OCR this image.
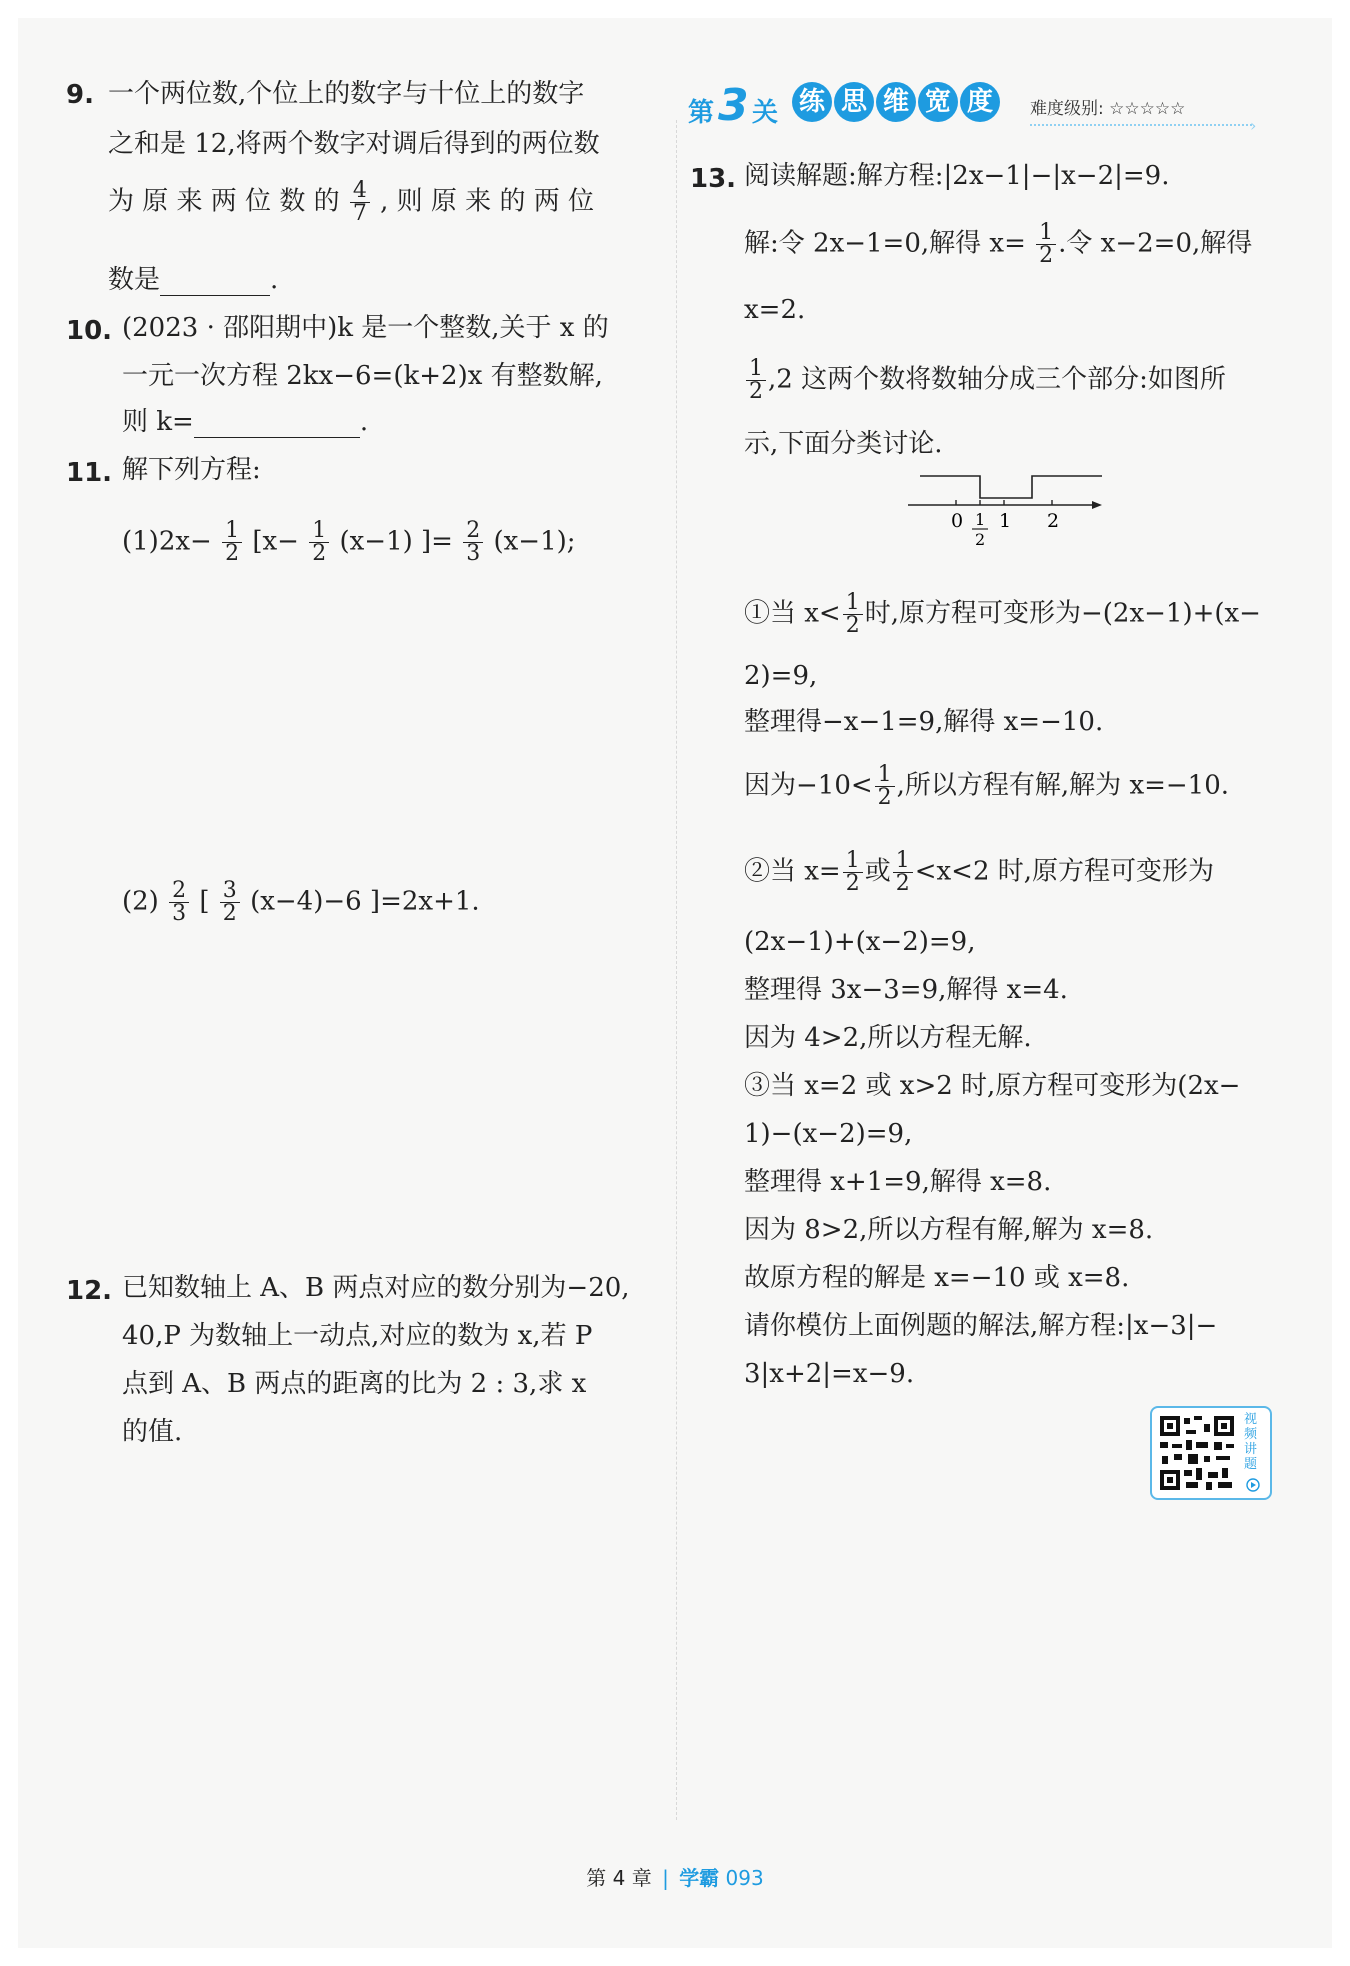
9. 一个两位数,个位上的数字与十位上的数字
之和是 12,将两个数字对调后得到的两位数
为 原 来 两 位 数 的 $\frac{4}{7}$ , 则 原 来 的 两 位
数是	.
10. (2023 · 邵阳期中)k 是一个整数,关于 x 的
一元一次方程 2kx−6=(k+2)x 有整数解,
则 k=	.
11. 解下列方程:
$(1)2x- \frac{1}{2} [x- \frac{1}{2} (x-1)$ ]= $\frac{2}{3} (x-1)$;
$(2) \frac{2}{3}$ [ $\frac{3}{2} (x-4)-6$ ]=2x+1.
12. 已知数轴上 A、B 两点对应的数分别为−20,
40,P 为数轴上一动点,对应的数为 x,若 P
点到 A、B 两点的距离的比为 2 : 3,求 x
的值.
第 3 关 练 思 维 宽 度	难度级别: ☆☆☆☆☆
›
13. 阅读解题:解方程:|2x−1|−|x−2|=9.
解:令 2x−1=0,解得 $x= \frac{1}{2}$ .令 x−2=0,解得
x=2.
$\frac{1}{2} ,2$ 这两个数将数轴分成三个部分:如图所
示,下面分类讨论.
0 1
2
1 2
①当 $x< \frac{1}{2}$ 时,原方程可变形为−(2x−1)+(x−
2)=9,
整理得−x−1=9,解得 x=−10.
因为$-10< \frac{1}{2}$ ,所以方程有解,解为 x=−10.
②当 $x= \frac{1}{2}$ 或 $\frac{1}{2} <x<2$ 时,原方程可变形为
(2x−1)+(x−2)=9,
整理得 3x−3=9,解得 x=4.
因为 4>2,所以方程无解.
③当 x=2 或 x>2 时,原方程可变形为(2x−
1)−(x−2)=9,
整理得 x+1=9,解得 x=8.
因为 8>2,所以方程有解,解为 x=8.
故原方程的解是 x=−10 或 x=8.
请你模仿上面例题的解法,解方程:|x−3|−
3|x+2|=x−9.
视频讲题
第 4 章 | 学霸 093
